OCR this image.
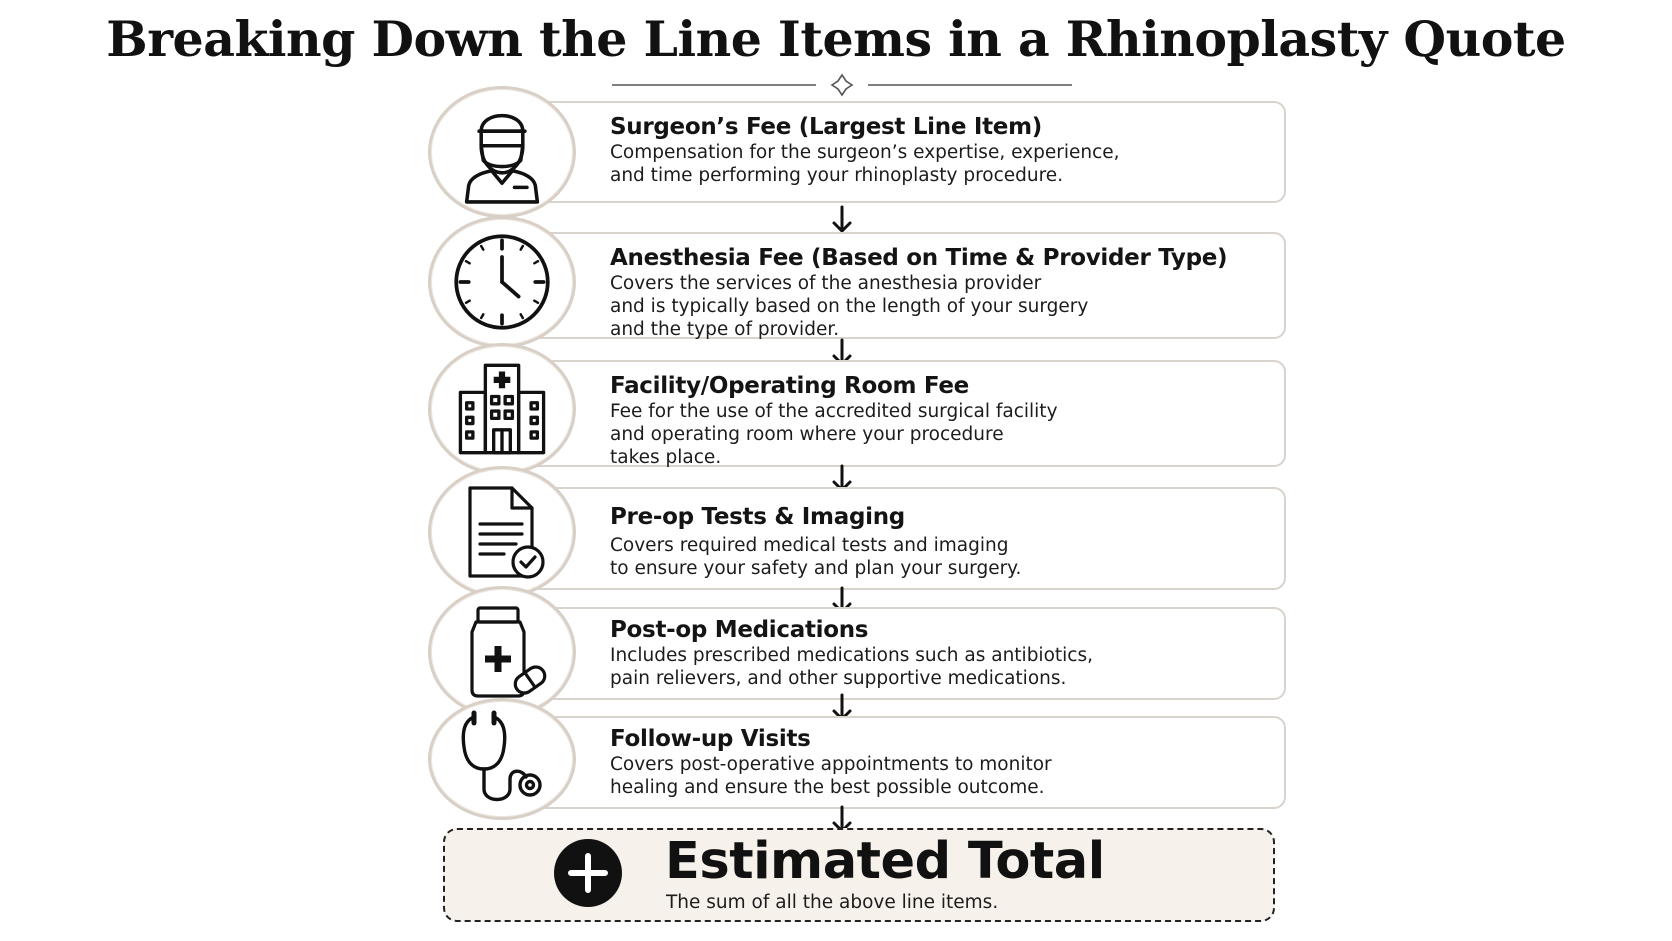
Breaking Down the Line Items in a Rhinoplasty Quote
Surgeon’s Fee (Largest Line Item)
Compensation for the surgeon’s expertise, experience,
and time performing your rhinoplasty procedure.
Anesthesia Fee (Based on Time & Provider Type)
Covers the services of the anesthesia provider
and is typically based on the length of your surgery
and the type of provider.
Facility/Operating Room Fee
Fee for the use of the accredited surgical facility
and operating room where your procedure
takes place.
Pre-op Tests & Imaging
Covers required medical tests and imaging
to ensure your safety and plan your surgery.
Post-op Medications
Includes prescribed medications such as antibiotics,
pain relievers, and other supportive medications.
Follow-up Visits
Covers post-operative appointments to monitor
healing and ensure the best possible outcome.
Estimated Total
The sum of all the above line items.
